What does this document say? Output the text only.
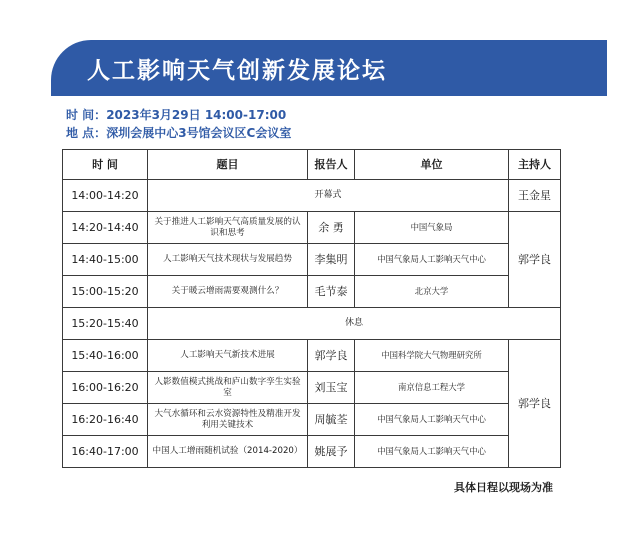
人工影响天气创新发展论坛
时 间：2023年3月29日 14:00-17:00
地 点：深圳会展中心3号馆会议区C会议室
时 间	题目	报告人	单位	主持人
14:00-14:20	开幕式			王金星
14:20-14:40	关于推进人工影响天气高质量发展的认识和思考	余 勇	中国气象局	郭学良
14:40-15:00	人工影响天气技术现状与发展趋势	李集明	中国气象局人工影响天气中心	
15:00-15:20	关于暖云增雨需要观测什么？	毛节泰	北京大学	
15:20-15:40	休息			
15:40-16:00	人工影响天气新技术进展	郭学良	中国科学院大气物理研究所	郭学良
16:00-16:20	人影数值模式挑战和庐山数字孪生实验室	刘玉宝	南京信息工程大学	
16:20-16:40	大气水循环和云水资源特性及精准开发利用关键技术	周毓荃	中国气象局人工影响天气中心	
16:40-17:00	中国人工增雨随机试验（2014-2020）	姚展予	中国气象局人工影响天气中心	
具体日程以现场为准
